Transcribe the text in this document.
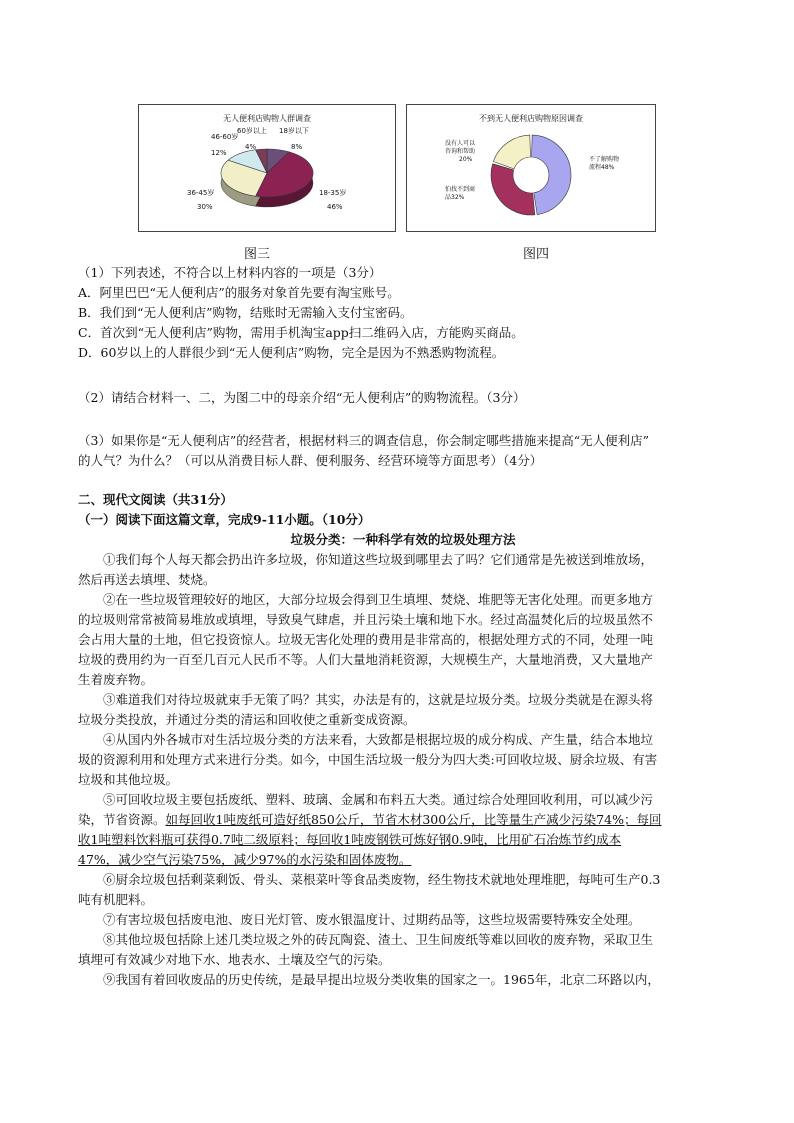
无人便利店购物人群调查
46-60岁
12%
60岁以上
4%
18岁以下
8%
36-45岁
30%
18-35岁
46%
不到无人便利店购物原因调查
没有人可以
咨询和帮助
20%	不了解购物
流程48%
怕找不到商
品32%
图三	图四
（1）下列表述，不符合以上材料内容的一项是（3分）
A．阿里巴巴“无人便利店”的服务对象首先要有淘宝账号。
B．我们到“无人便利店”购物，结账时无需输入支付宝密码。
C．首次到“无人便利店”购物，需用手机淘宝app扫二维码入店，方能购买商品。
D．60岁以上的人群很少到“无人便利店”购物，完全是因为不熟悉购物流程。
（2）请结合材料一、二，为图二中的母亲介绍“无人便利店”的购物流程。（3分）
（3）如果你是“无人便利店”的经营者，根据材料三的调查信息，你会制定哪些措施来提高“无人便利店”
的人气？为什么？（可以从消费目标人群、便利服务、经营环境等方面思考）（4分）
二、现代文阅读（共31分）
（一）阅读下面这篇文章，完成9-11小题。（10分）
垃圾分类：一种科学有效的垃圾处理方法
①我们每个人每天都会扔出许多垃圾，你知道这些垃圾到哪里去了吗？它们通常是先被送到堆放场，
然后再送去填埋、焚烧。
②在一些垃圾管理较好的地区，大部分垃圾会得到卫生填埋、焚烧、堆肥等无害化处理。而更多地方
的垃圾则常常被简易堆放或填埋，导致臭气肆虐，并且污染土壤和地下水。经过高温焚化后的垃圾虽然不
会占用大量的土地，但它投资惊人。垃圾无害化处理的费用是非常高的，根据处理方式的不同，处理一吨
垃圾的费用约为一百至几百元人民币不等。人们大量地消耗资源，大规模生产，大量地消费，又大量地产
生着废弃物。
③难道我们对待垃圾就束手无策了吗？其实，办法是有的，这就是垃圾分类。垃圾分类就是在源头将
垃圾分类投放，并通过分类的清运和回收使之重新变成资源。
④从国内外各城市对生活垃圾分类的方法来看，大致都是根据垃圾的成分构成、产生量，结合本地垃
圾的资源利用和处理方式来进行分类。如今，中国生活垃圾一般分为四大类:可回收垃圾、厨余垃圾、有害
垃圾和其他垃圾。
⑤可回收垃圾主要包括废纸、塑料、玻璃、金属和布料五大类。通过综合处理回收利用，可以减少污
染，节省资源。如每回收1吨废纸可造好纸850公斤，节省木材300公斤，比等量生产减少污染74%；每回
收1吨塑料饮料瓶可获得0.7吨二级原料；每回收1吨废钢铁可炼好钢0.9吨，比用矿石冶炼节约成本
47%，减少空气污染75%，减少97%的水污染和固体废物。
⑥厨余垃圾包括剩菜剩饭、骨头、菜根菜叶等食品类废物，经生物技术就地处理堆肥，每吨可生产0.3
吨有机肥料。
⑦有害垃圾包括废电池、废日光灯管、废水银温度计、过期药品等，这些垃圾需要特殊安全处理。
⑧其他垃圾包括除上述几类垃圾之外的砖瓦陶瓷、渣土、卫生间废纸等难以回收的废弃物，采取卫生
填埋可有效减少对地下水、地表水、土壤及空气的污染。
⑨我国有着回收废品的历史传统，是最早提出垃圾分类收集的国家之一。1965年，北京二环路以内，
